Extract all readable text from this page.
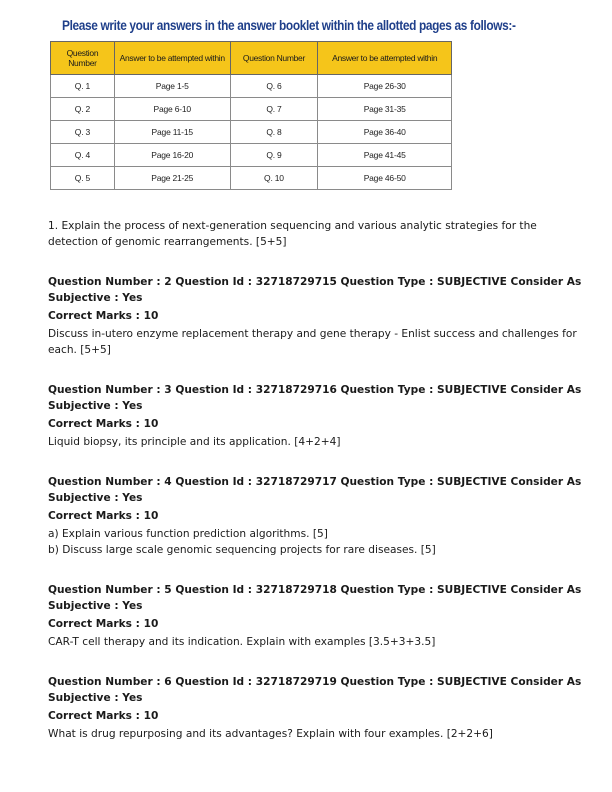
Please write your answers in the answer booklet within the allotted pages as follows:-
Question Number	Answer to be attempted within	Question Number	Answer to be attempted within
Q. 1	Page 1-5	Q. 6	Page 26-30
Q. 2	Page 6-10	Q. 7	Page 31-35
Q. 3	Page 11-15	Q. 8	Page 36-40
Q. 4	Page 16-20	Q. 9	Page 41-45
Q. 5	Page 21-25	Q. 10	Page 46-50
1. Explain the process of next-generation sequencing and various analytic strategies for the detection of genomic rearrangements. [5+5]
Question Number : 2 Question Id : 32718729715 Question Type : SUBJECTIVE Consider As Subjective : Yes
Correct Marks : 10
Discuss in-utero enzyme replacement therapy and gene therapy - Enlist success and challenges for each. [5+5]
Question Number : 3 Question Id : 32718729716 Question Type : SUBJECTIVE Consider As Subjective : Yes
Correct Marks : 10
Liquid biopsy, its principle and its application. [4+2+4]
Question Number : 4 Question Id : 32718729717 Question Type : SUBJECTIVE Consider As Subjective : Yes
Correct Marks : 10
a) Explain various function prediction algorithms. [5]
b) Discuss large scale genomic sequencing projects for rare diseases. [5]
Question Number : 5 Question Id : 32718729718 Question Type : SUBJECTIVE Consider As Subjective : Yes
Correct Marks : 10
CAR-T cell therapy and its indication. Explain with examples [3.5+3+3.5]
Question Number : 6 Question Id : 32718729719 Question Type : SUBJECTIVE Consider As Subjective : Yes
Correct Marks : 10
What is drug repurposing and its advantages? Explain with four examples. [2+2+6]
